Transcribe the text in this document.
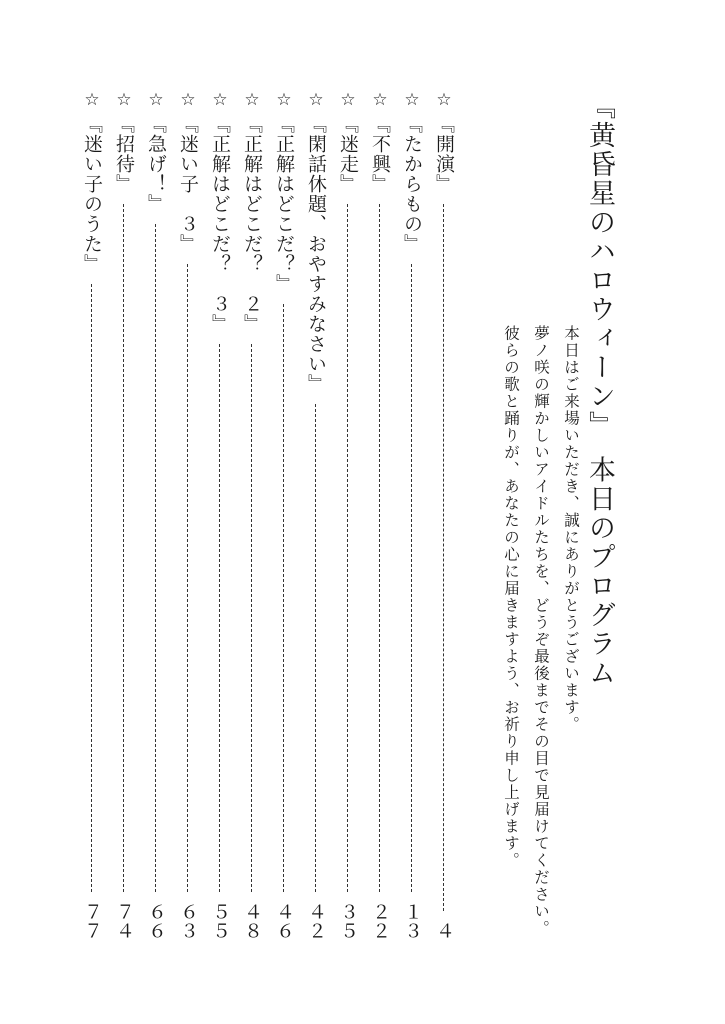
『黄昏星のハロウィーン』　本日のプログラム
本日はご来場いただき、誠にありがとうございます。
夢ノ咲の輝かしいアイドルたちを、どうぞ最後までその目で見届けてください。
彼らの歌と踊りが、あなたの心に届きますよう、お祈り申し上げます。
☆
『開演』
４
☆
『たからもの』
１３
☆
『不興』
２２
☆
『迷走』
３５
☆
『閑話休題、おやすみなさい』
４２
☆
『正解はどこだ？』
４６
☆
『正解はどこだ？　２』
４８
☆
『正解はどこだ？　３』
５５
☆
『迷い子　３』
６３
☆
『急げ！』
６６
☆
『招待』
７４
☆
『迷い子のうた』
７７
